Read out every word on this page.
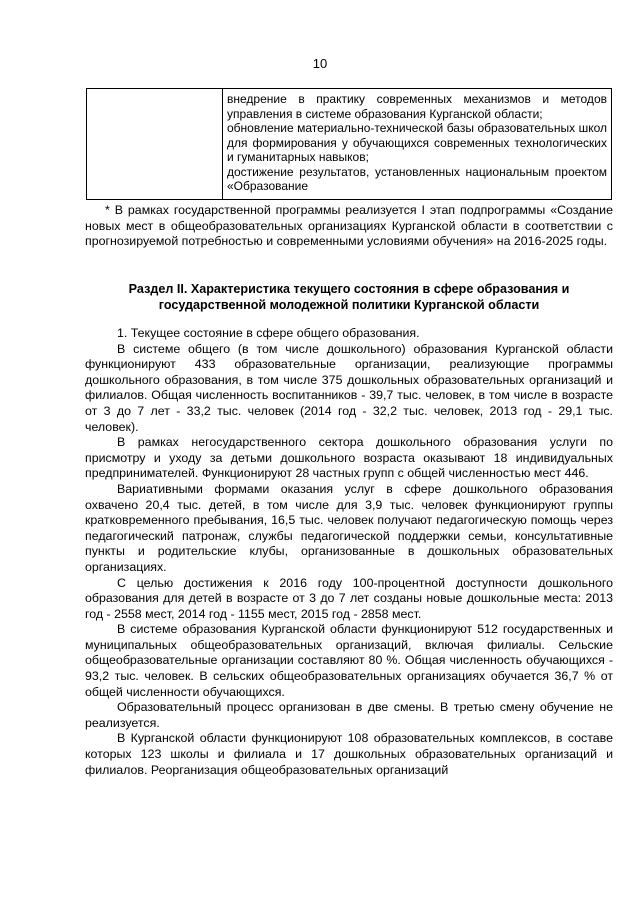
10

внедрение в практику современных механизмов и методов управления в системе образования Курганской области;
обновление материально-технической базы образовательных школ для формирования у обучающихся современных технологических и гуманитарных навыков;
достижение результатов, установленных национальным проектом «Образование
* В рамках государственной программы реализуется I этап подпрограммы «Создание новых мест в общеобразовательных организациях Курганской области в соответствии с прогнозируемой потребностью и современными условиями обучения» на 2016-2025 годы.
Раздел II. Характеристика текущего состояния в сфере образования и государственной молодежной политики Курганской области

1. Текущее состояние в сфере общего образования.

В системе общего (в том числе дошкольного) образования Курганской области функционируют 433 образовательные организации, реализующие программы дошкольного образования, в том числе 375 дошкольных образовательных организаций и филиалов. Общая численность воспитанников - 39,7 тыс. человек, в том числе в возрасте от 3 до 7 лет - 33,2 тыс. человек (2014 год - 32,2 тыс. человек, 2013 год - 29,1 тыс. человек).

В рамках негосударственного сектора дошкольного образования услуги по присмотру и уходу за детьми дошкольного возраста оказывают 18 индивидуальных предпринимателей. Функционируют 28 частных групп с общей численностью мест 446.

Вариативными формами оказания услуг в сфере дошкольного образования охвачено 20,4 тыс. детей, в том числе для 3,9 тыс. человек функционируют группы кратковременного пребывания, 16,5 тыс. человек получают педагогическую помощь через педагогический патронаж, службы педагогической поддержки семьи, консультативные пункты и родительские клубы, организованные в дошкольных образовательных организациях.

С целью достижения к 2016 году 100-процентной доступности дошкольного образования для детей в возрасте от 3 до 7 лет созданы новые дошкольные места: 2013 год - 2558 мест, 2014 год - 1155 мест, 2015 год - 2858 мест.

В системе образования Курганской области функционируют 512 государственных и муниципальных общеобразовательных организаций, включая филиалы. Сельские общеобразовательные организации составляют 80 %. Общая численность обучающихся - 93,2 тыс. человек. В сельских общеобразовательных организациях обучается 36,7 % от общей численности обучающихся.

Образовательный процесс организован в две смены. В третью смену обучение не реализуется.

В Курганской области функционируют 108 образовательных комплексов, в составе которых 123 школы и филиала и 17 дошкольных образовательных организаций и филиалов. Реорганизация общеобразовательных организаций
